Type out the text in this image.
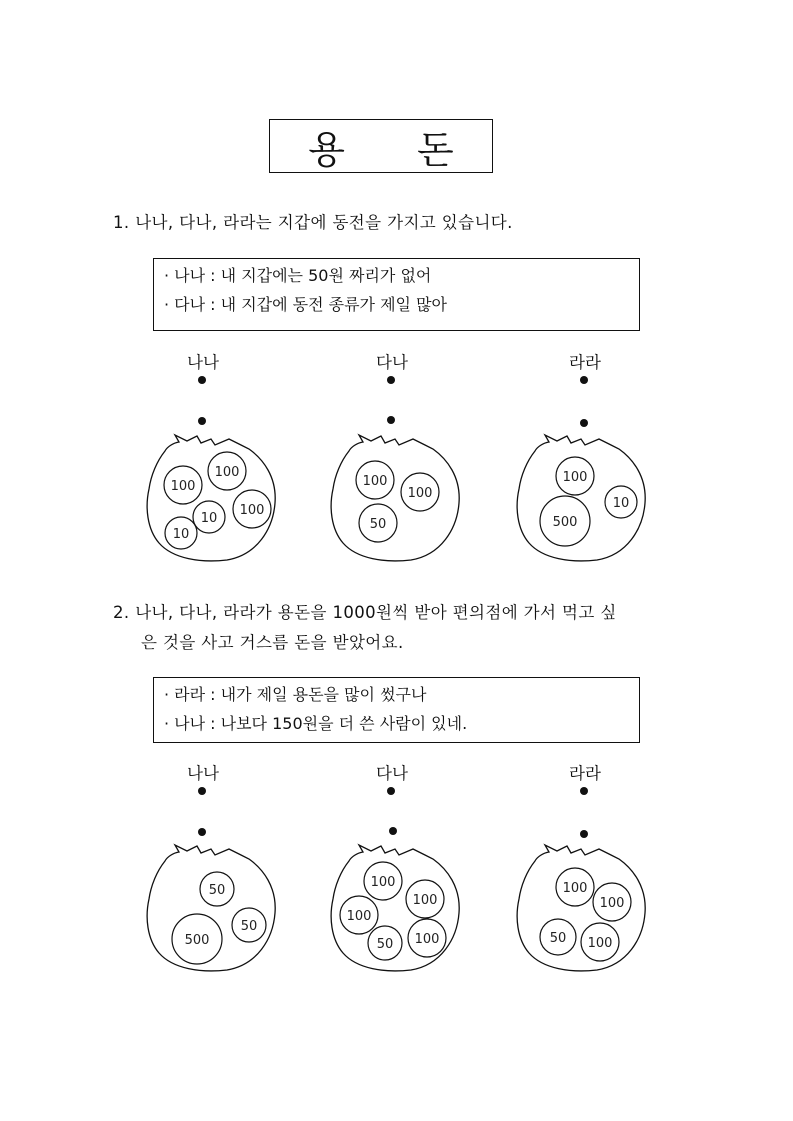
용 돈
1. 나나, 다나, 라라는 지갑에 동전을 가지고 있습니다.
· 나나 : 내 지갑에는 50원 짜리가 없어
· 다나 : 내 지갑에 동전 종류가 제일 많아
나나	다나	라라
100
100
100
10
10
100
100
50
100
10
500
2. 나나, 다나, 라라가 용돈을 1000원씩 받아 편의점에 가서 먹고 싶
은 것을 사고 거스름 돈을 받았어요.
· 라라 : 내가 제일 용돈을 많이 썼구나
· 나나 : 나보다 150원을 더 쓴 사람이 있네.
나나	다나	라라
50
50
500
100
100
100
50 100
100
100
50 100
